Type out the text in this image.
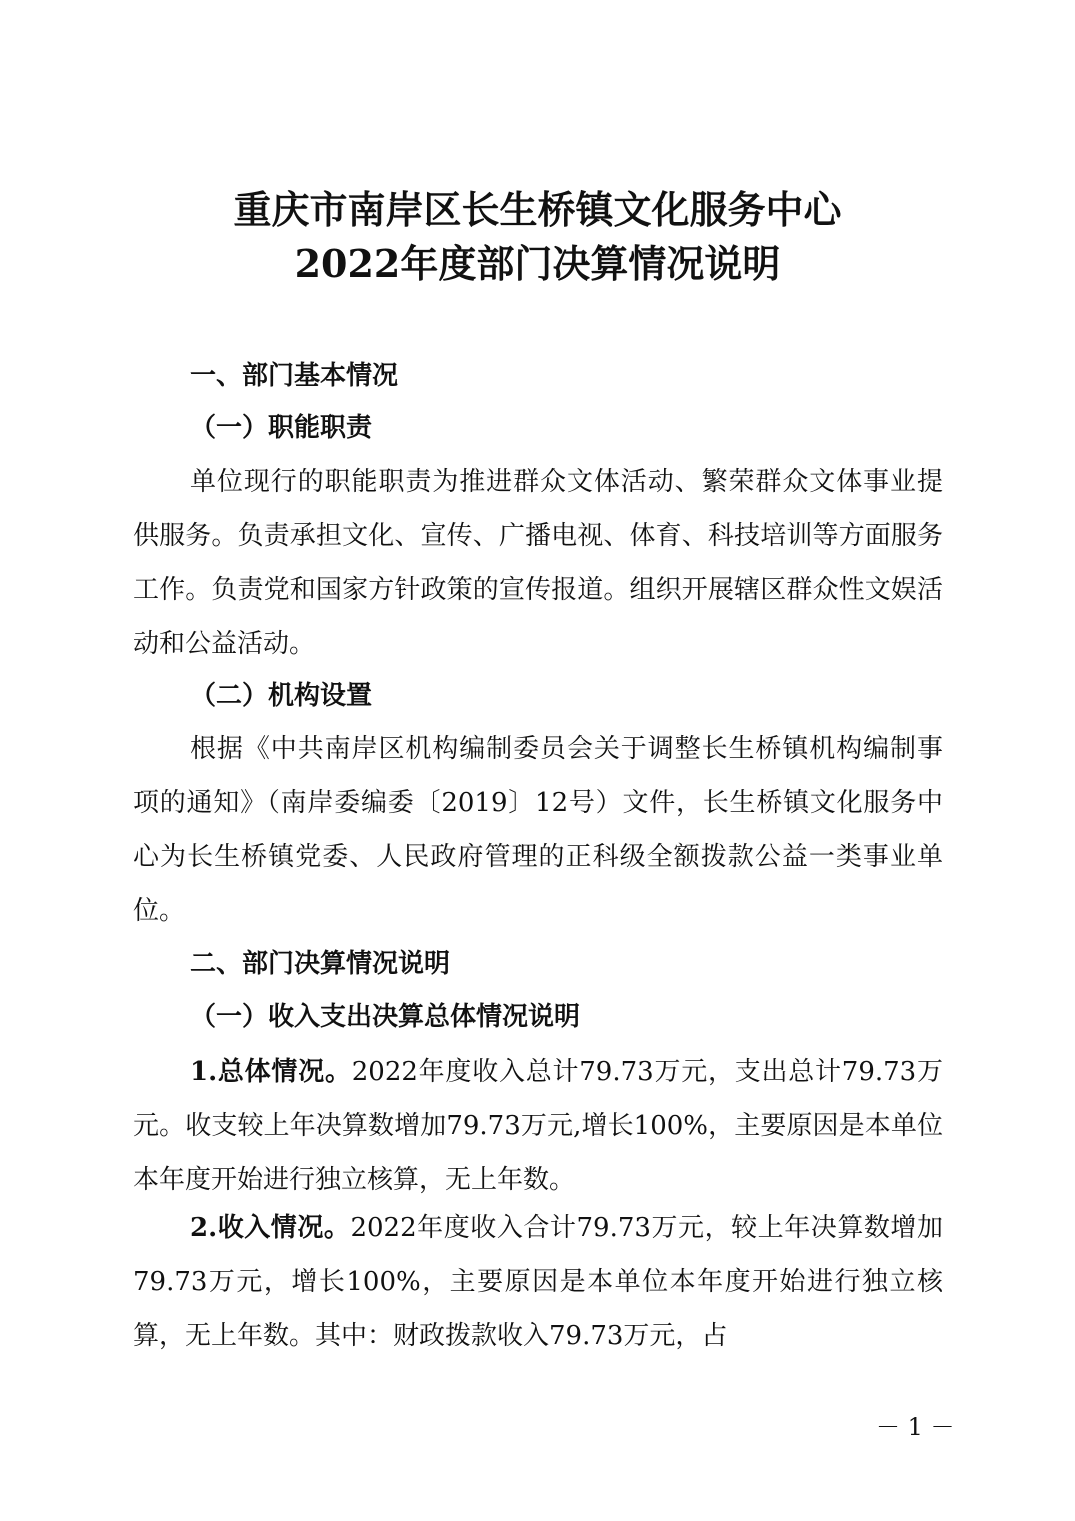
重庆市南岸区长生桥镇文化服务中心
2022年度部门决算情况说明
一、部门基本情况
（一）职能职责

单位现行的职能职责为推进群众文体活动、繁荣群众文体事业提供服务。负责承担文化、宣传、广播电视、体育、科技培训等方面服务工作。负责党和国家方针政策的宣传报道。组织开展辖区群众性文娱活动和公益活动。

（二）机构设置

根据《中共南岸区机构编制委员会关于调整长生桥镇机构编制事项的通知》（南岸委编委〔2019〕12号）文件，长生桥镇文化服务中心为长生桥镇党委、人民政府管理的正科级全额拨款公益一类事业单位。

二、部门决算情况说明
（一）收入支出决算总体情况说明

1.总体情况。2022年度收入总计79.73万元，支出总计79.73万元。收支较上年决算数增加79.73万元,增长100%，主要原因是本单位本年度开始进行独立核算，无上年数。

2.收入情况。2022年度收入合计79.73万元，较上年决算数增加79.73万元，增长100%，主要原因是本单位本年度开始进行独立核算，无上年数。其中：财政拨款收入79.73万元，占

－ 1 －
